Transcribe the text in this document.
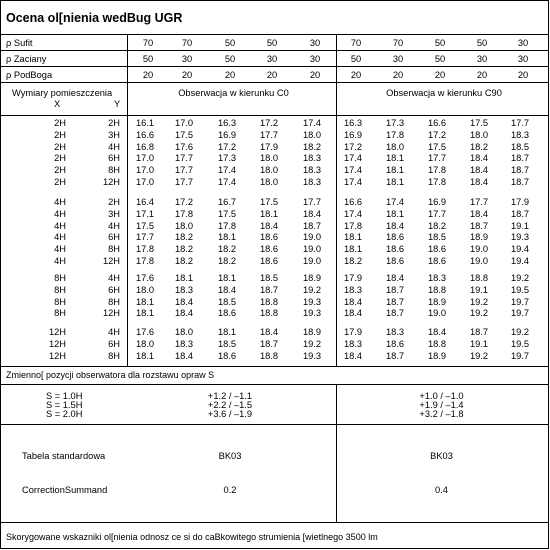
Ocena ol[nienia wedBug UGR
ρ Sufit	70	70	50	50	30	70	70	50	50	30
ρ Zaciany	50	30	50	30	30	50	30	50	30	30
ρ PodBoga	20	20	20	20	20	20	20	20	20	20
Wymiary pomieszczenia
X	Y
Obserwacja w kierunku C0	Obserwacja w kierunku C90
2H	2H 16.1	17.0	16.3	17.2	17.4	16.3	17.3	16.6	17.5	17.7
2H	3H 16.6	17.5	16.9	17.7	18.0	16.9	17.8	17.2	18.0	18.3
2H	4H 16.8	17.6	17.2	17.9	18.2	17.2	18.0	17.5	18.2	18.5
2H	6H 17.0	17.7	17.3	18.0	18.3	17.4	18.1	17.7	18.4	18.7
2H	8H 17.0	17.7	17.4	18.0	18.3	17.4	18.1	17.8	18.4	18.7
2H	12H 17.0	17.7	17.4	18.0	18.3	17.4	18.1	17.8	18.4	18.7
4H	2H 16.4	17.2	16.7	17.5	17.7	16.6	17.4	16.9	17.7	17.9
4H	3H 17.1	17.8	17.5	18.1	18.4	17.4	18.1	17.7	18.4	18.7
4H	4H 17.5	18.0	17.8	18.4	18.7	17.8	18.4	18.2	18.7	19.1
4H	6H 17.7	18.2	18.1	18.6	19.0	18.1	18.6	18.5	18.9	19.3
4H	8H 17.8	18.2	18.2	18.6	19.0	18.1	18.6	18.6	19.0	19.4
4H	12H 17.8	18.2	18.2	18.6	19.0	18.2	18.6	18.6	19.0	19.4
8H	4H 17.6	18.1	18.1	18.5	18.9	17.9	18.4	18.3	18.8	19.2
8H	6H 18.0	18.3	18.4	18.7	19.2	18.3	18.7	18.8	19.1	19.5
8H	8H 18.1	18.4	18.5	18.8	19.3	18.4	18.7	18.9	19.2	19.7
8H	12H 18.1	18.4	18.6	18.8	19.3	18.4	18.7	19.0	19.2	19.7
12H	4H 17.6	18.0	18.1	18.4	18.9	17.9	18.3	18.4	18.7	19.2
12H	6H 18.0	18.3	18.5	18.7	19.2	18.3	18.6	18.8	19.1	19.5
12H	8H 18.1	18.4	18.6	18.8	19.3	18.4	18.7	18.9	19.2	19.7
S = 1.0H	+1.2 / –1.1	+1.0 / –1.0
S = 1.5H	+2.2 / –1.5	+1.9 / –1.4
S = 2.0H	+3.6 / –1.9	+3.2 / –1.8
Tabela standardowa	BK03	BK03
CorrectionSummand	0.2	0.4
Zmienno[ pozycji obserwatora dla rozstawu opraw S
Skorygowane wskazniki ol[nienia odnosz ce si do caBkowitego strumienia [wietlnego 3500 lm
